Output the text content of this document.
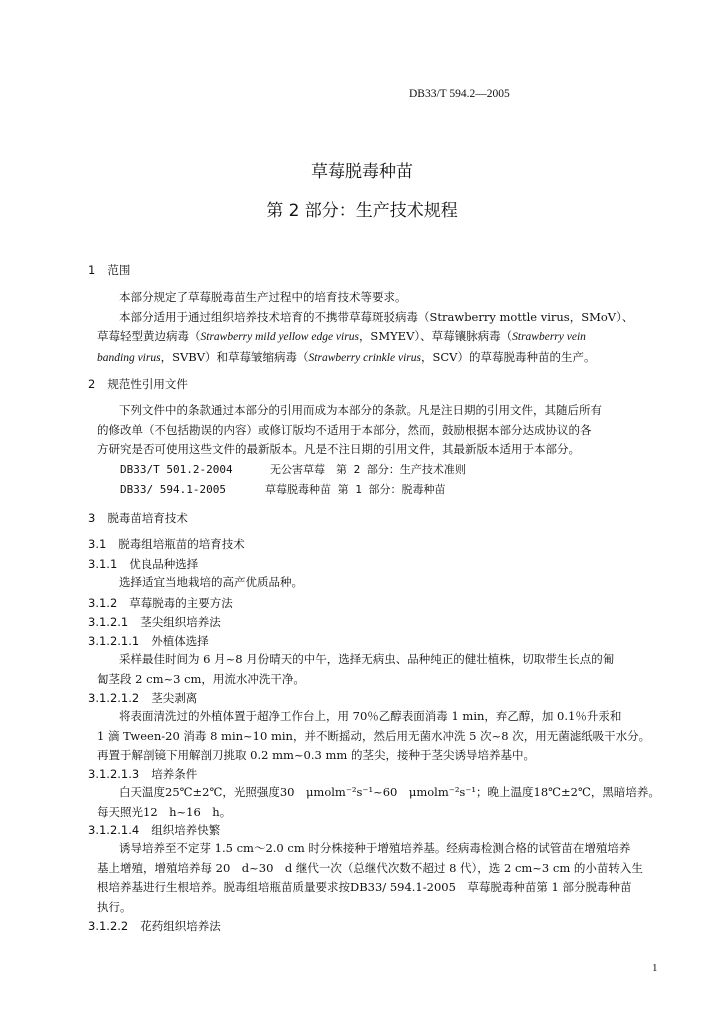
DB33/T 594.2—2005
草莓脱毒种苗
第 2 部分：生产技术规程
1 范围
本部分规定了草莓脱毒苗生产过程中的培育技术等要求。
本部分适用于通过组织培养技术培育的不携带草莓斑驳病毒（Strawberry mottle virus，SMoV）、
草莓轻型黄边病毒（Strawberry mild yellow edge virus，SMYEV）、草莓镶脉病毒（Strawberry vein
banding virus，SVBV）和草莓皱缩病毒（Strawberry crinkle virus，SCV）的草莓脱毒种苗的生产。
2 规范性引用文件
下列文件中的条款通过本部分的引用而成为本部分的条款。凡是注日期的引用文件，其随后所有
的修改单（不包括勘误的内容）或修订版均不适用于本部分，然而，鼓励根据本部分达成协议的各
方研究是否可使用这些文件的最新版本。凡是不注日期的引用文件，其最新版本适用于本部分。
DB33/T 501.2-2004	无公害草莓　第 2 部分：生产技术准则
DB33/ 594.1-2005	草莓脱毒种苗 第 1 部分：脱毒种苗
3 脱毒苗培育技术
3.1 脱毒组培瓶苗的培育技术
3.1.1 优良品种选择
选择适宜当地栽培的高产优质品种。
3.1.2 草莓脱毒的主要方法
3.1.2.1 茎尖组织培养法
3.1.2.1.1 外植体选择
采样最佳时间为 6 月~8 月份晴天的中午，选择无病虫、品种纯正的健壮植株，切取带生长点的匍
匐茎段 2 cm~3 cm，用流水冲洗干净。
3.1.2.1.2 茎尖剥离
将表面清洗过的外植体置于超净工作台上，用 70％乙醇表面消毒 1 min，弃乙醇，加 0.1％升汞和
1 滴 Tween-20 消毒 8 min~10 min，并不断摇动，然后用无菌水冲洗 5 次~8 次，用无菌滤纸吸干水分。
再置于解剖镜下用解剖刀挑取 0.2 mm~0.3 mm 的茎尖，接种于茎尖诱导培养基中。
3.1.2.1.3 培养条件
白天温度25℃±2℃，光照强度30　μmolm⁻²s⁻¹~60　μmolm⁻²s⁻¹；晚上温度18℃±2℃，黑暗培养。
每天照光12　h~16　h。
3.1.2.1.4 组织培养快繁
诱导培养至不定芽 1.5 cm～2.0 cm 时分株接种于增殖培养基。经病毒检测合格的试管苗在增殖培养
基上增殖，增殖培养每 20　d~30　d 继代一次（总继代次数不超过 8 代），选 2 cm~3 cm 的小苗转入生
根培养基进行生根培养。脱毒组培瓶苗质量要求按DB33/ 594.1-2005　草莓脱毒种苗第 1 部分脱毒种苗
执行。
3.1.2.2 花药组织培养法
1
